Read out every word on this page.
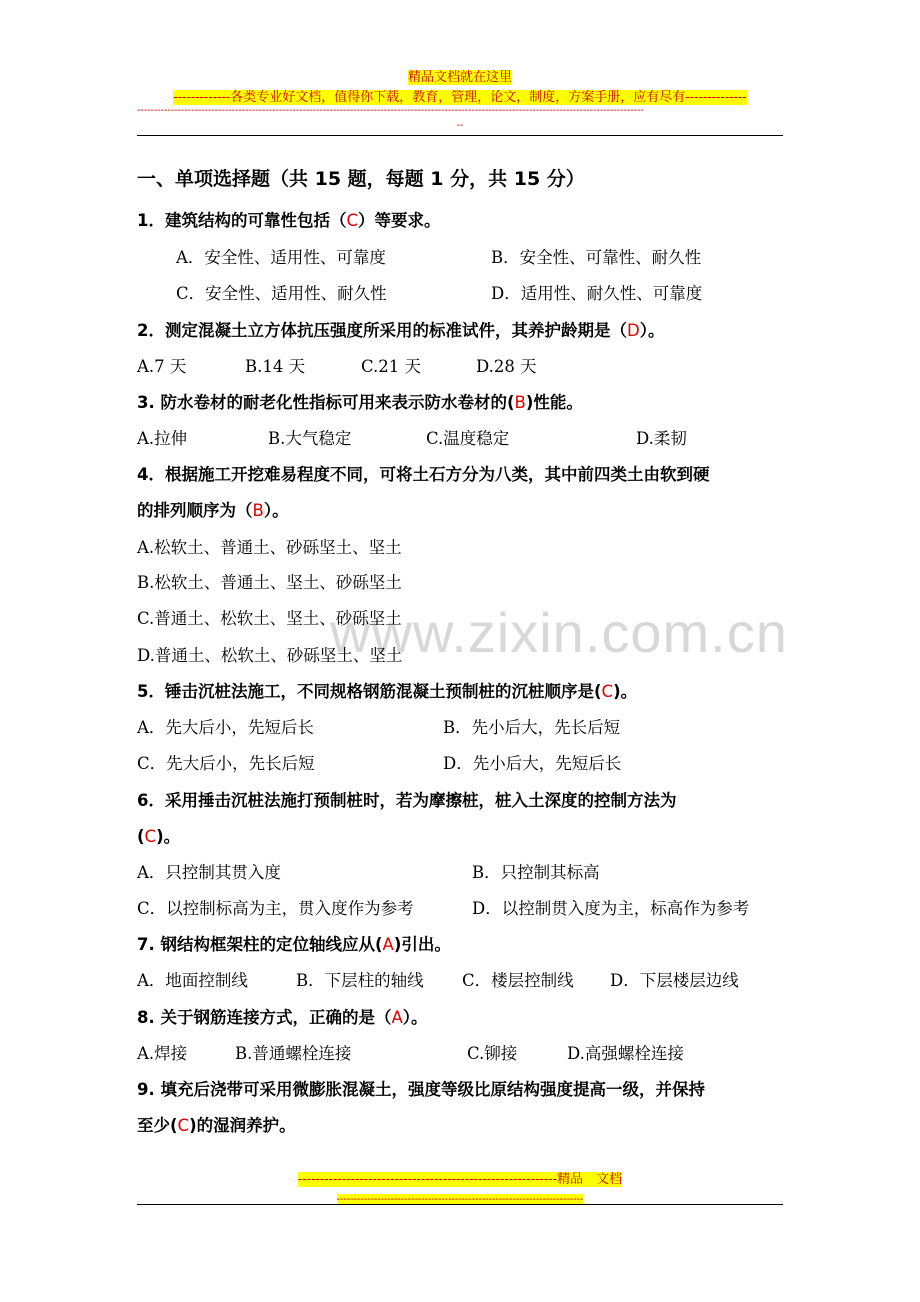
精品文档就在这里
-------------各类专业好文档，值得你下载，教育，管理，论文，制度，方案手册，应有尽有--------------
------------------------------------------------------------------------------------------------------------------------------------------------------
--
www.zixin.com.cn
一、单项选择题（共 15 题，每题 1 分，共 15 分）
1．建筑结构的可靠性包括（C）等要求。
A．安全性、适用性、可靠度	B．安全性、可靠性、耐久性
C．安全性、适用性、耐久性	D．适用性、耐久性、可靠度
2．测定混凝土立方体抗压强度所采用的标准试件，其养护龄期是（D）。
A.7 天	B.14 天	C.21 天	D.28 天
3. 防水卷材的耐老化性指标可用来表示防水卷材的(B)性能。
A.拉伸	B.大气稳定	C.温度稳定	D.柔韧
4．根据施工开挖难易程度不同，可将土石方分为八类，其中前四类土由软到硬
的排列顺序为（B）。
A.松软土、普通土、砂砾坚土、坚土
B.松软土、普通土、坚土、砂砾坚土
C.普通土、松软土、坚土、砂砾坚土
D.普通土、松软土、砂砾坚土、坚土
5．锤击沉桩法施工，不同规格钢筋混凝土预制桩的沉桩顺序是(C)。
A．先大后小，先短后长	B．先小后大，先长后短
C．先大后小，先长后短	D．先小后大，先短后长
6．采用捶击沉桩法施打预制桩时，若为摩擦桩，桩入土深度的控制方法为
(C)。
A．只控制其贯入度	B．只控制其标高
C．以控制标高为主，贯入度作为参考	D．以控制贯入度为主，标高作为参考
7. 钢结构框架柱的定位轴线应从(A)引出。
A．地面控制线	B．下层柱的轴线 C．楼层控制线 D．下层楼层边线
8. 关于钢筋连接方式，正确的是（A）。
A.焊接	B.普通螺栓连接	C.铆接	D.高强螺栓连接
9. 填充后浇带可采用微膨胀混凝土，强度等级比原结构强度提高一级，并保持
至少(C)的湿润养护。
-----------------------------------------------------------精品　文档
-------------------------------------------------------------------------
